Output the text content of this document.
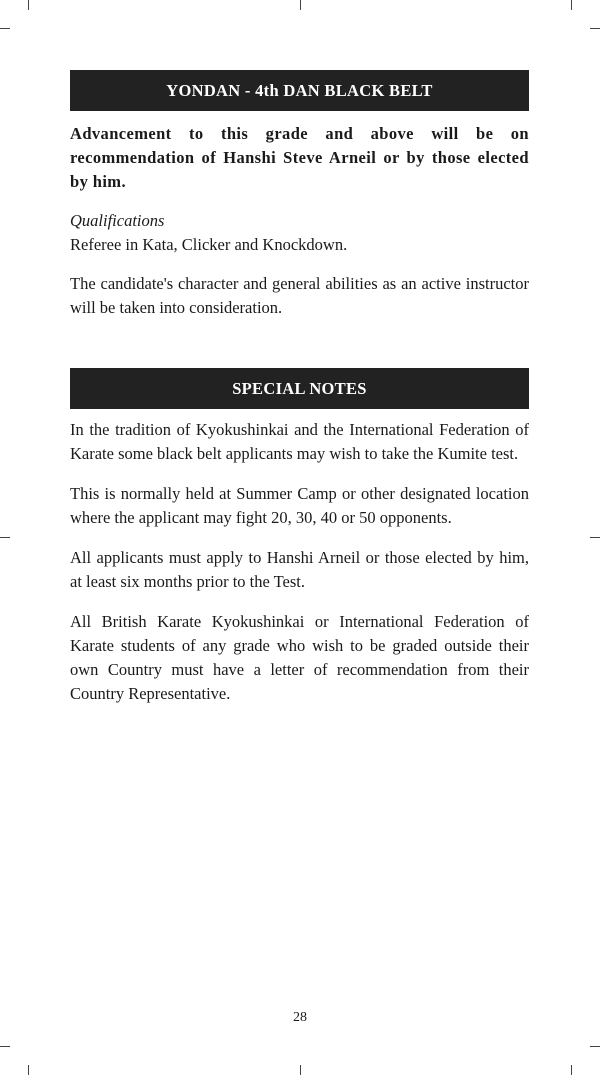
YONDAN - 4th DAN BLACK BELT

Advancement to this grade and above will be on recommendation of Hanshi Steve Arneil or by those elected by him.

Qualifications

Referee in Kata, Clicker and Knockdown.

The candidate's character and general abilities as an active instructor will be taken into consideration.

SPECIAL NOTES

In the tradition of Kyokushinkai and the International Federation of Karate some black belt applicants may wish to take the Kumite test.

This is normally held at Summer Camp or other designated location where the applicant may fight 20, 30, 40 or 50 opponents.

All applicants must apply to Hanshi Arneil or those elected by him, at least six months prior to the Test.

All British Karate Kyokushinkai or International Federation of Karate students of any grade who wish to be graded outside their own Country must have a letter of recommendation from their Country Representative.

28
